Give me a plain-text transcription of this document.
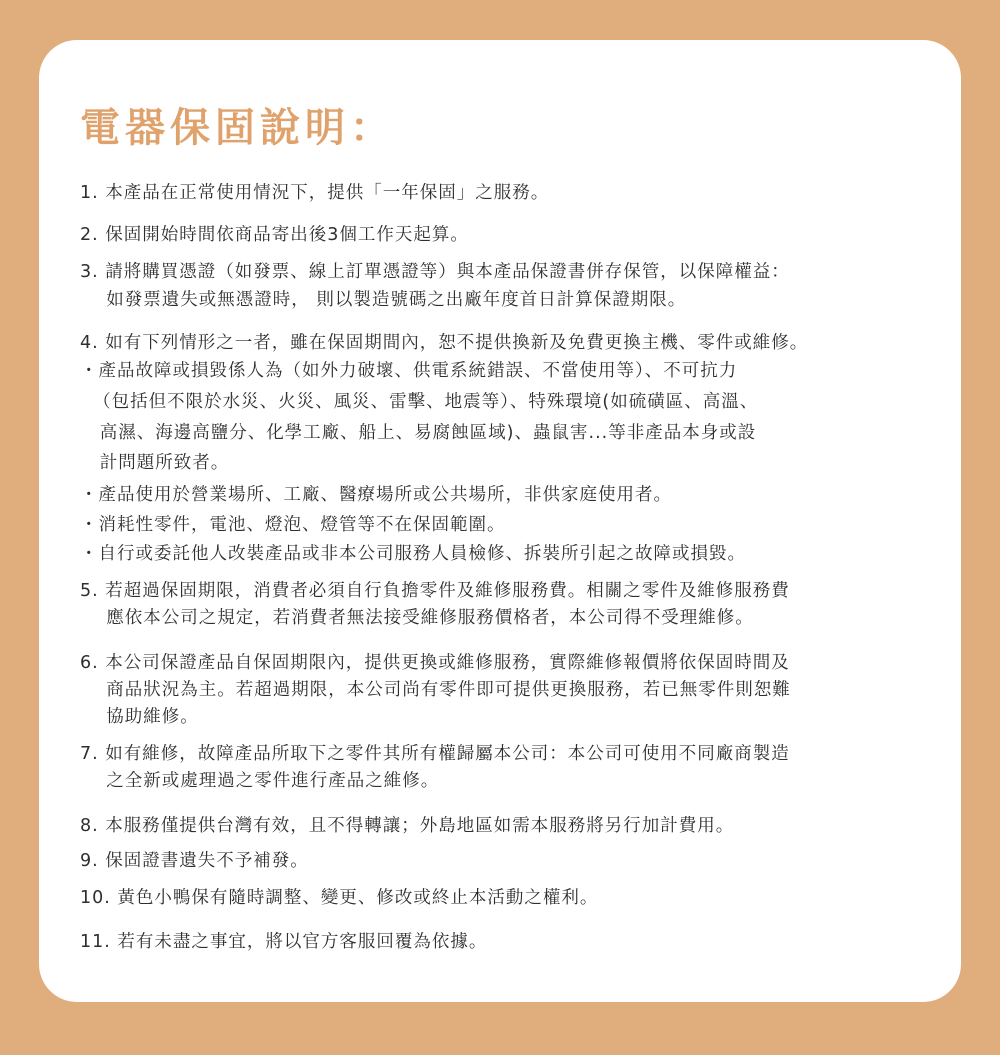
電器保固說明：

1. 本產品在正常使用情況下，提供「一年保固」之服務。

2. 保固開始時間依商品寄出後3個工作天起算。

3. 請將購買憑證（如發票、線上訂單憑證等）與本產品保證書併存保管，以保障權益：

如發票遺失或無憑證時， 則以製造號碼之出廠年度首日計算保證期限。

4. 如有下列情形之一者，雖在保固期間內，恕不提供換新及免費更換主機、零件或維修。

・產品故障或損毀係人為（如外力破壞、供電系統錯誤、不當使用等）、不可抗力

（包括但不限於水災、火災、風災、雷擊、地震等）、特殊環境(如硫磺區、高溫、

高濕、海邊高鹽分、化學工廠、船上、易腐蝕區域)、蟲鼠害...等非產品本身或設

計問題所致者。

・產品使用於營業場所、工廠、醫療場所或公共場所，非供家庭使用者。

・消耗性零件，電池、燈泡、燈管等不在保固範圍。

・自行或委託他人改裝產品或非本公司服務人員檢修、拆裝所引起之故障或損毀。

5. 若超過保固期限，消費者必須自行負擔零件及維修服務費。相關之零件及維修服務費

應依本公司之規定，若消費者無法接受維修服務價格者，本公司得不受理維修。

6. 本公司保證產品自保固期限內，提供更換或維修服務，實際維修報價將依保固時間及

商品狀況為主。若超過期限，本公司尚有零件即可提供更換服務，若已無零件則恕難

協助維修。

7. 如有維修，故障產品所取下之零件其所有權歸屬本公司：本公司可使用不同廠商製造

之全新或處理過之零件進行產品之維修。

8. 本服務僅提供台灣有效，且不得轉讓；外島地區如需本服務將另行加計費用。

9. 保固證書遺失不予補發。

10. 黃色小鴨保有隨時調整、變更、修改或終止本活動之權利。

11. 若有未盡之事宜，將以官方客服回覆為依據。
